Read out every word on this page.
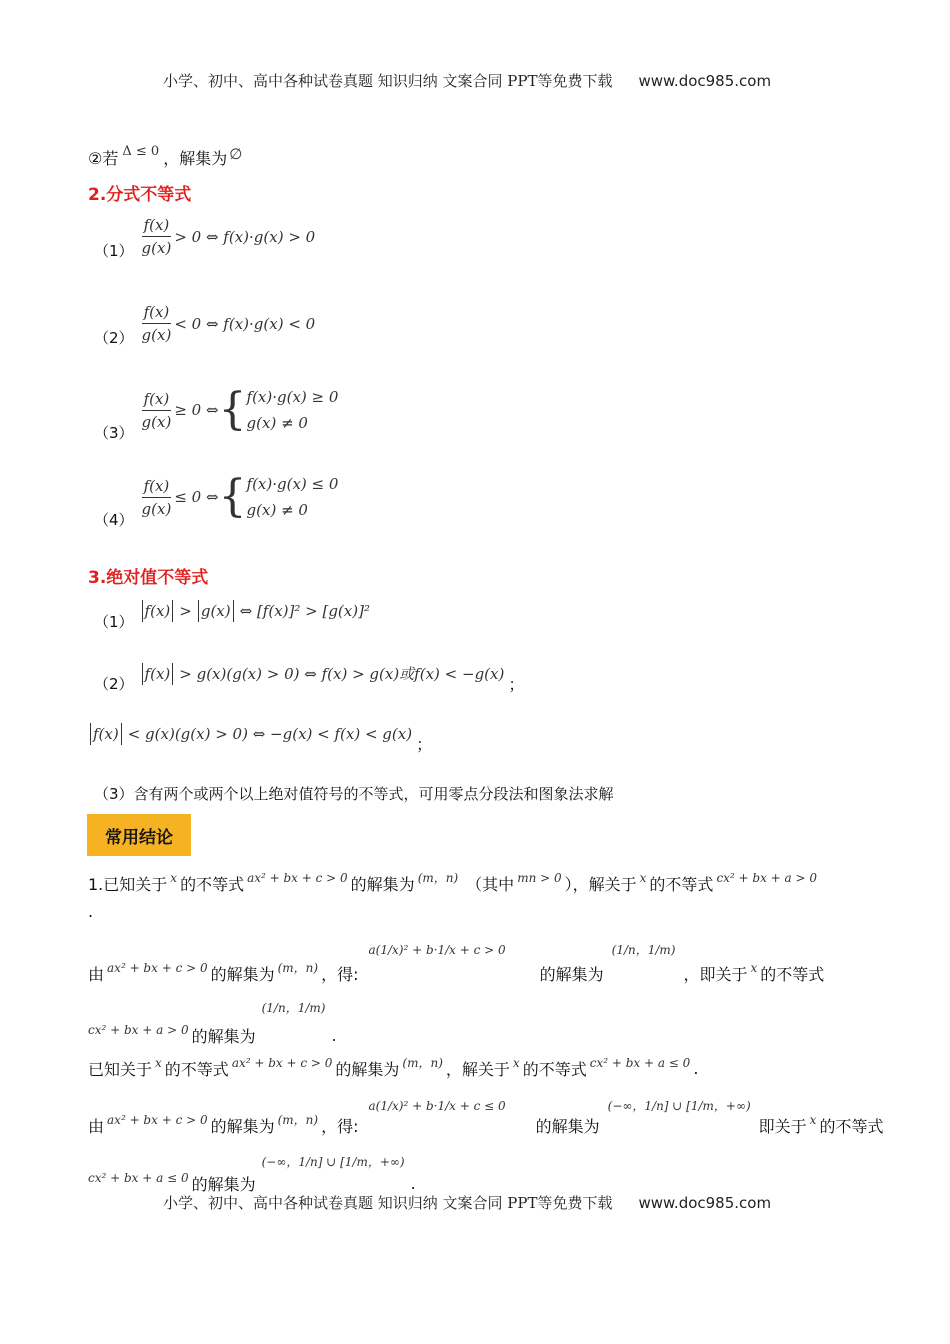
小学、初中、高中各种试卷真题 知识归纳 文案合同 PPT等免费下载 www.doc985.com
②若 Δ ≤ 0 ，解集为 ∅
2.分式不等式
$(1) \frac{f(x)}{g(x)} > 0$ ⇔ f(x)·g(x) > 0
$(2) \frac{f(x)}{g(x)} < 0$ ⇔ f(x)·g(x) < 0
（3）
$\frac{f(x)}{g(x)} \ge 0$ ⇔ { f(x)·g(x) ≥ 0
g(x) ≠ 0
（4）
$\frac{f(x)}{g(x)} \le 0$ ⇔ { f(x)·g(x) ≤ 0
g(x) ≠ 0
3.绝对值不等式
（1）
f(x) > g(x) ⇔ [f(x)]² > [g(x)]²
（2）
f(x) > g(x)(g(x) > 0) ⇔ f(x) > g(x)或f(x) < −g(x)
；
f(x) < g(x)(g(x) > 0) ⇔ −g(x) < f(x) < g(x)
；
（3）含有两个或两个以上绝对值符号的不等式，可用零点分段法和图象法求解
常用结论
1.已知关于 x 的不等式 ax² + bx + c > 0 的解集为 (m，n) （其中 mn > 0 ），解关于 x 的不等式 cx² + bx + a > 0
.
由 ax² + bx + c > 0 的解集为 (m，n) ，得:
a(1/x)² + b·1/x + c > 0
的解集为
(1/n，1/m)
，即关于 x 的不等式
cx² + bx + a > 0 的解集为
(1/n，1/m)
.
已知关于 x 的不等式 ax² + bx + c > 0 的解集为 (m，n) ，解关于 x 的不等式 cx² + bx + a ≤ 0 .
由 ax² + bx + c > 0 的解集为 (m，n) ，得:
a(1/x)² + b·1/x + c ≤ 0
的解集为
(−∞，1/n] ∪ [1/m，+∞)
即关于 x 的不等式
cx² + bx + a ≤ 0 的解集为
(−∞，1/n] ∪ [1/m，+∞)
.
小学、初中、高中各种试卷真题 知识归纳 文案合同 PPT等免费下载 www.doc985.com
